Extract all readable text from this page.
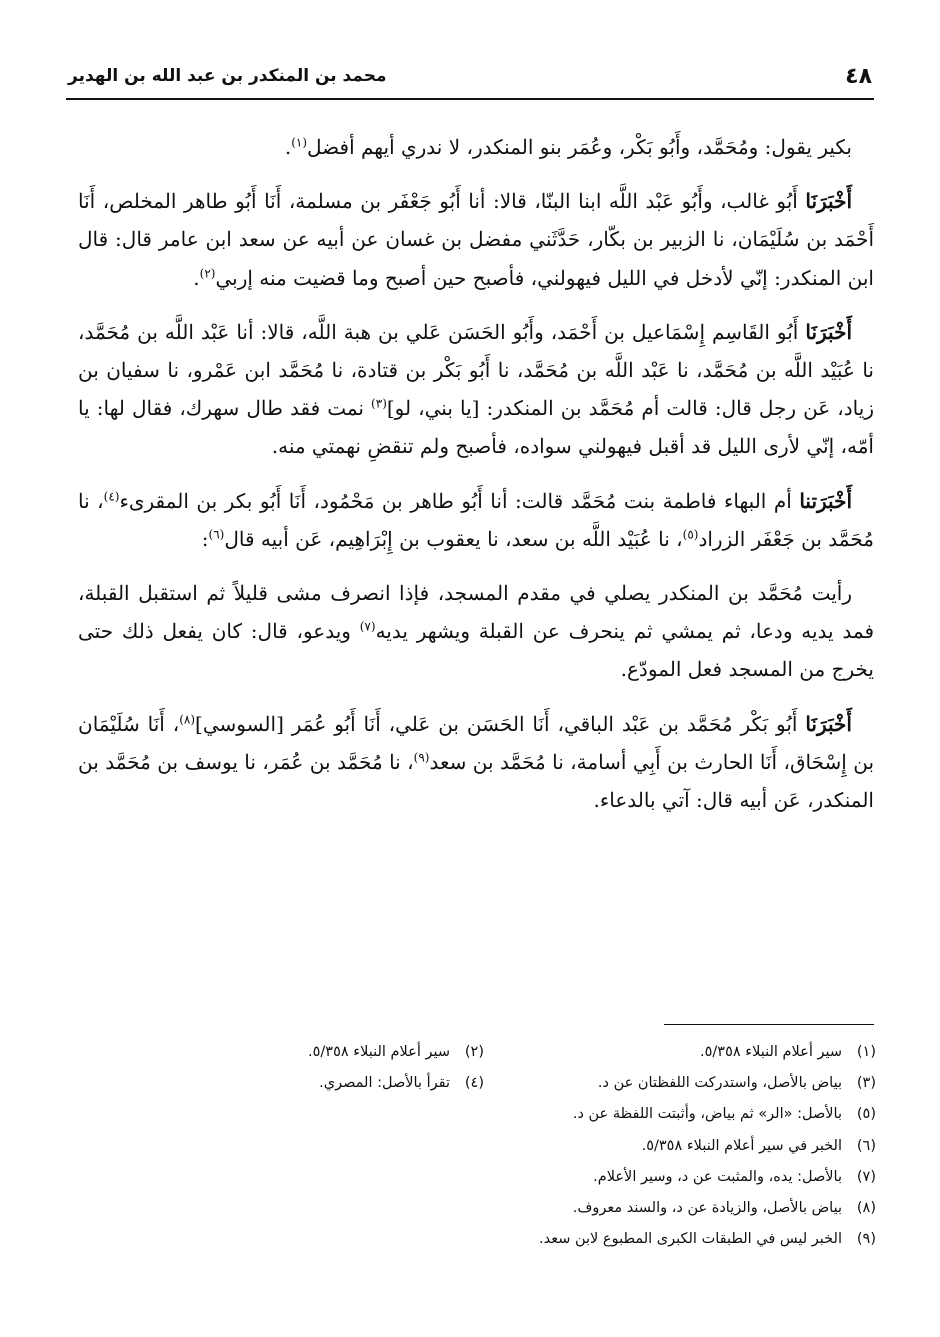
٤٨
محمد بن المنكدر بن عبد الله بن الهدير

بكير يقول: ومُحَمَّد، وأَبُو بَكْر، وعُمَر بنو المنكدر، لا ندري أيهم أفضل$^{(١)}$.

أَخْبَرَنَا أَبُو غالب، وأَبُو عَبْد اللَّه ابنا البنّا، قالا: أنا أَبُو جَعْفَر بن مسلمة، أَنَا أَبُو طاهر المخلص، أَنَا أَحْمَد بن سُلَيْمَان، نا الزبير بن بكّار، حَدَّثَني مفضل بن غسان عن أبيه عن سعد ابن عامر قال: قال ابن المنكدر: إنّي لأدخل في الليل فيهولني، فأصبح حين أصبح وما قضيت منه إربي$^{(٢)}$.

أَخْبَرَنَا أَبُو القَاسِم إِسْمَاعيل بن أَحْمَد، وأَبُو الحَسَن عَلي بن هبة اللَّه، قالا: أنا عَبْد اللَّه بن مُحَمَّد، نا عُبَيْد اللَّه بن مُحَمَّد، نا عَبْد اللَّه بن مُحَمَّد، نا أَبُو بَكْر بن قتادة، نا مُحَمَّد ابن عَمْرو، نا سفيان بن زياد، عَن رجل قال: قالت أم مُحَمَّد بن المنكدر: [يا بني، لو]$^{(٣)}$ نمت فقد طال سهرك، فقال لها: يا أمّه، إنّي لأرى الليل قد أقبل فيهولني سواده، فأصبح ولم تنقضِ نهمتي منه.

أَخْبَرَتنا أم البهاء فاطمة بنت مُحَمَّد قالت: أنا أَبُو طاهر بن مَحْمُود، أَنَا أَبُو بكر بن المقرىء$^{(٤)}$، نا مُحَمَّد بن جَعْفَر الزراد$^{(٥)}$، نا عُبَيْد اللَّه بن سعد، نا يعقوب بن إِبْرَاهِيم، عَن أبيه قال$^{(٦)}$:

رأيت مُحَمَّد بن المنكدر يصلي في مقدم المسجد، فإذا انصرف مشى قليلاً ثم استقبل القبلة، فمد يديه ودعا، ثم يمشي ثم ينحرف عن القبلة ويشهر يديه$^{(٧)}$ ويدعو، قال: كان يفعل ذلك حتى يخرج من المسجد فعل المودّع.

أَخْبَرَنَا أَبُو بَكْر مُحَمَّد بن عَبْد الباقي، أَنَا الحَسَن بن عَلي، أَنَا أَبُو عُمَر [السوسي]$^{(٨)}$، أَنَا سُلَيْمَان بن إِسْحَاق، أَنَا الحارث بن أَبِي أسامة، نا مُحَمَّد بن سعد$^{(٩)}$، نا مُحَمَّد بن عُمَر، نا يوسف بن مُحَمَّد بن المنكدر، عَن أبيه قال: آتي بالدعاء.

(١)
سير أعلام النبلاء ٥/٣٥٨.
(٢)
سير أعلام النبلاء ٥/٣٥٨.
(٣)
بياض بالأصل، واستدركت اللفظتان عن د.
(٤)
تقرأ بالأصل: المصري.
(٥)
بالأصل: «الر» ثم بياض، وأثبتت اللفظة عن د.
(٦)
الخبر في سير أعلام النبلاء ٥/٣٥٨.
(٧)
بالأصل: يده، والمثبت عن د، وسير الأعلام.
(٨)
بياض بالأصل، والزيادة عن د، والسند معروف.
(٩)
الخبر ليس في الطبقات الكبرى المطبوع لابن سعد.
